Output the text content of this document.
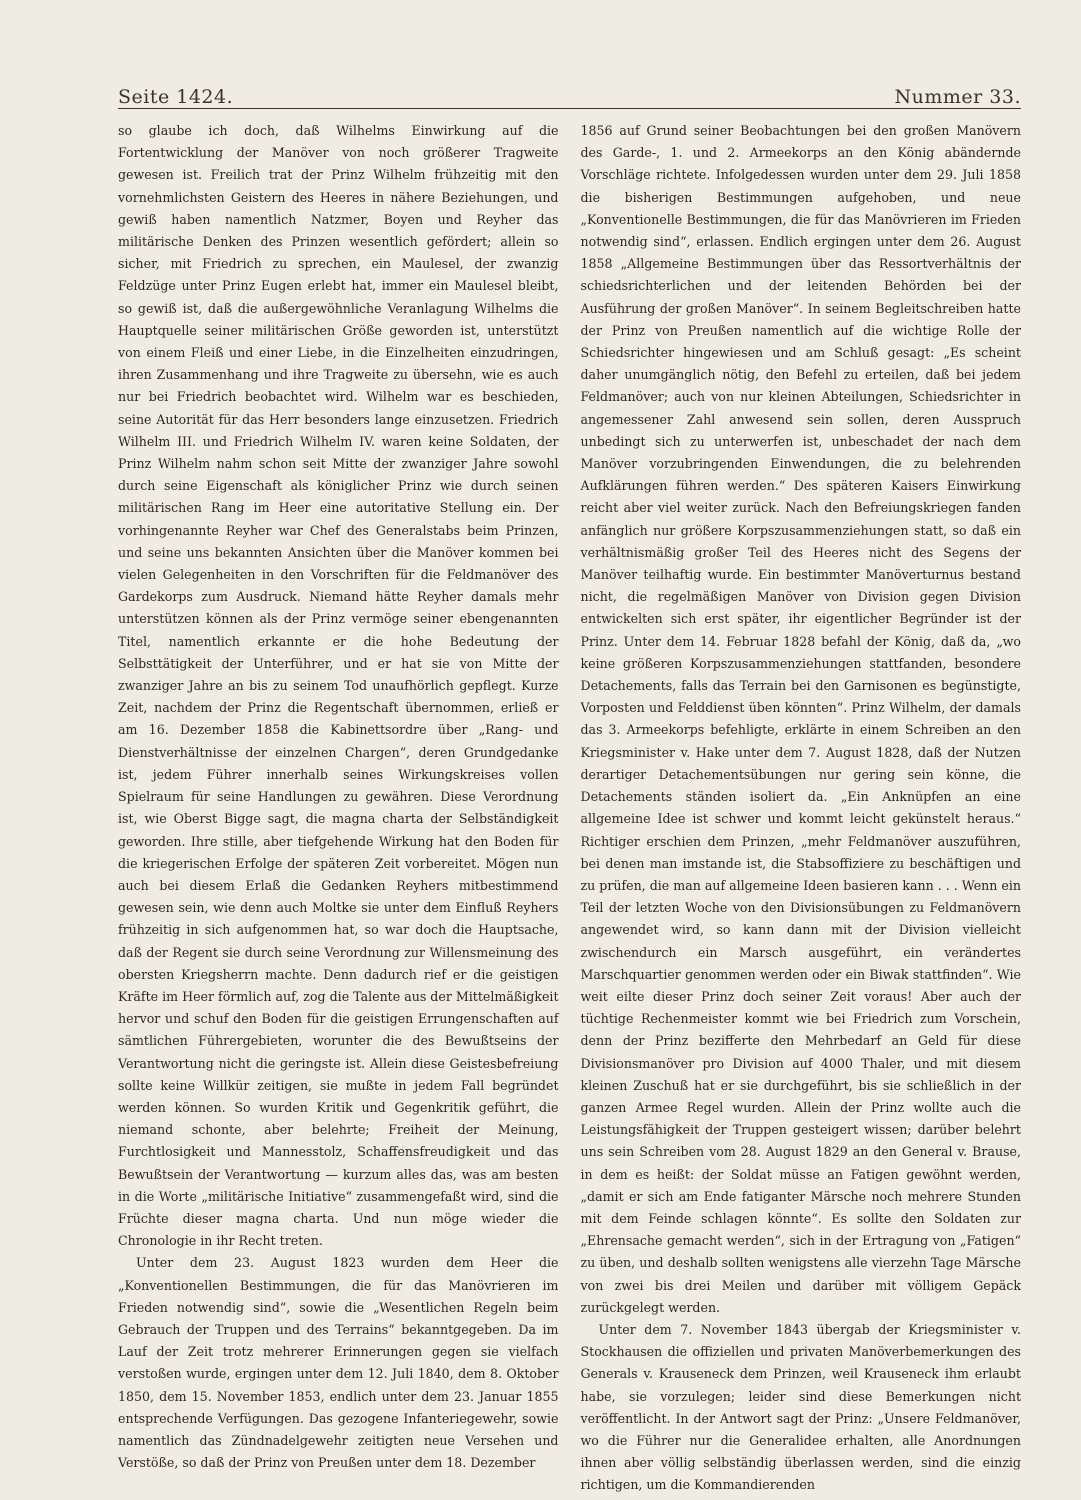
Seite 1424.	Nummer 33.

so glaube ich doch, daß Wilhelms Einwirkung auf die Fortentwicklung der Manöver von noch größerer Tragweite gewesen ist. Freilich trat der Prinz Wilhelm frühzeitig mit den vornehmlichsten Geistern des Heeres in nähere Beziehungen, und gewiß haben namentlich Natzmer, Boyen und Reyher das militärische Denken des Prinzen wesentlich gefördert; allein so sicher, mit Friedrich zu sprechen, ein Maulesel, der zwanzig Feldzüge unter Prinz Eugen erlebt hat, immer ein Maulesel bleibt, so gewiß ist, daß die außergewöhnliche Veranlagung Wilhelms die Hauptquelle seiner militärischen Größe geworden ist, unterstützt von einem Fleiß und einer Liebe, in die Einzelheiten einzudringen, ihren Zusammenhang und ihre Tragweite zu übersehn, wie es auch nur bei Friedrich beobachtet wird. Wilhelm war es beschieden, seine Autorität für das Herr besonders lange einzusetzen. Friedrich Wilhelm III. und Friedrich Wilhelm IV. waren keine Soldaten, der Prinz Wilhelm nahm schon seit Mitte der zwanziger Jahre sowohl durch seine Eigenschaft als königlicher Prinz wie durch seinen militärischen Rang im Heer eine autoritative Stellung ein. Der vorhingenannte Reyher war Chef des Generalstabs beim Prinzen, und seine uns bekannten Ansichten über die Manöver kommen bei vielen Gelegenheiten in den Vorschriften für die Feldmanöver des Gardekorps zum Ausdruck. Niemand hätte Reyher damals mehr unterstützen können als der Prinz vermöge seiner ebengenannten Titel, namentlich erkannte er die hohe Bedeutung der Selbsttätigkeit der Unterführer, und er hat sie von Mitte der zwanziger Jahre an bis zu seinem Tod unaufhörlich gepflegt. Kurze Zeit, nachdem der Prinz die Regentschaft übernommen, erließ er am 16. Dezember 1858 die Kabinettsordre über „Rang- und Dienstverhältnisse der einzelnen Chargen“, deren Grundgedanke ist, jedem Führer innerhalb seines Wirkungskreises vollen Spielraum für seine Handlungen zu gewähren. Diese Verordnung ist, wie Oberst Bigge sagt, die magna charta der Selbständigkeit geworden. Ihre stille, aber tiefgehende Wirkung hat den Boden für die kriegerischen Erfolge der späteren Zeit vorbereitet. Mögen nun auch bei diesem Erlaß die Gedanken Reyhers mitbestimmend gewesen sein, wie denn auch Moltke sie unter dem Einfluß Reyhers frühzeitig in sich aufgenommen hat, so war doch die Hauptsache, daß der Regent sie durch seine Verordnung zur Willensmeinung des obersten Kriegsherrn machte. Denn dadurch rief er die geistigen Kräfte im Heer förmlich auf, zog die Talente aus der Mittelmäßigkeit hervor und schuf den Boden für die geistigen Errungenschaften auf sämtlichen Führergebieten, worunter die des Bewußtseins der Verantwortung nicht die geringste ist. Allein diese Geistesbefreiung sollte keine Willkür zeitigen, sie mußte in jedem Fall begründet werden können. So wurden Kritik und Gegenkritik geführt, die niemand schonte, aber belehrte; Freiheit der Meinung, Furchtlosigkeit und Mannesstolz, Schaffensfreudigkeit und das Bewußtsein der Verantwortung — kurzum alles das, was am besten in die Worte „militärische Initiative“ zusammengefaßt wird, sind die Früchte dieser magna charta. Und nun möge wieder die Chronologie in ihr Recht treten.

Unter dem 23. August 1823 wurden dem Heer die „Konventionellen Bestimmungen, die für das Manövrieren im Frieden notwendig sind“, sowie die „Wesentlichen Regeln beim Gebrauch der Truppen und des Terrains“ bekanntgegeben. Da im Lauf der Zeit trotz mehrerer Erinnerungen gegen sie vielfach verstoßen wurde, ergingen unter dem 12. Juli 1840, dem 8. Oktober 1850, dem 15. November 1853, endlich unter dem 23. Januar 1855 entsprechende Verfügungen. Das gezogene Infanteriegewehr, sowie namentlich das Zündnadelgewehr zeitigten neue Versehen und Verstöße, so daß der Prinz von Preußen unter dem 18. Dezember

1856 auf Grund seiner Beobachtungen bei den großen Manövern des Garde-, 1. und 2. Armeekorps an den König abändernde Vorschläge richtete. Infolgedessen wurden unter dem 29. Juli 1858 die bisherigen Bestimmungen aufgehoben, und neue „Konventionelle Bestimmungen, die für das Manövrieren im Frieden notwendig sind“, erlassen. Endlich ergingen unter dem 26. August 1858 „Allgemeine Bestimmungen über das Ressortverhältnis der schiedsrichterlichen und der leitenden Behörden bei der Ausführung der großen Manöver“. In seinem Begleitschreiben hatte der Prinz von Preußen namentlich auf die wichtige Rolle der Schiedsrichter hingewiesen und am Schluß gesagt: „Es scheint daher unumgänglich nötig, den Befehl zu erteilen, daß bei jedem Feldmanöver; auch von nur kleinen Abteilungen, Schiedsrichter in angemessener Zahl anwesend sein sollen, deren Ausspruch unbedingt sich zu unterwerfen ist, unbeschadet der nach dem Manöver vorzubringenden Einwendungen, die zu belehrenden Aufklärungen führen werden.“ Des späteren Kaisers Einwirkung reicht aber viel weiter zurück. Nach den Befreiungskriegen fanden anfänglich nur größere Korpszusammenziehungen statt, so daß ein verhältnismäßig großer Teil des Heeres nicht des Segens der Manöver teilhaftig wurde. Ein bestimmter Manöverturnus bestand nicht, die regelmäßigen Manöver von Division gegen Division entwickelten sich erst später, ihr eigentlicher Begründer ist der Prinz. Unter dem 14. Februar 1828 befahl der König, daß da, „wo keine größeren Korpszusammenziehungen stattfanden, besondere Detachements, falls das Terrain bei den Garnisonen es begünstigte, Vorposten und Felddienst üben könnten“. Prinz Wilhelm, der damals das 3. Armeekorps befehligte, erklärte in einem Schreiben an den Kriegsminister v. Hake unter dem 7. August 1828, daß der Nutzen derartiger Detachementsübungen nur gering sein könne, die Detachements ständen isoliert da. „Ein Anknüpfen an eine allgemeine Idee ist schwer und kommt leicht gekünstelt heraus.“ Richtiger erschien dem Prinzen, „mehr Feldmanöver auszuführen, bei denen man imstande ist, die Stabsoffiziere zu beschäftigen und zu prüfen, die man auf allgemeine Ideen basieren kann . . . Wenn ein Teil der letzten Woche von den Divisionsübungen zu Feldmanövern angewendet wird, so kann dann mit der Division vielleicht zwischendurch ein Marsch ausgeführt, ein verändertes Marschquartier genommen werden oder ein Biwak stattfinden“. Wie weit eilte dieser Prinz doch seiner Zeit voraus! Aber auch der tüchtige Rechenmeister kommt wie bei Friedrich zum Vorschein, denn der Prinz bezifferte den Mehrbedarf an Geld für diese Divisionsmanöver pro Division auf 4000 Thaler, und mit diesem kleinen Zuschuß hat er sie durchgeführt, bis sie schließlich in der ganzen Armee Regel wurden. Allein der Prinz wollte auch die Leistungsfähigkeit der Truppen gesteigert wissen; darüber belehrt uns sein Schreiben vom 28. August 1829 an den General v. Brause, in dem es heißt: der Soldat müsse an Fatigen gewöhnt werden, „damit er sich am Ende fatiganter Märsche noch mehrere Stunden mit dem Feinde schlagen könnte“. Es sollte den Soldaten zur „Ehrensache gemacht werden“, sich in der Ertragung von „Fatigen“ zu üben, und deshalb sollten wenigstens alle vierzehn Tage Märsche von zwei bis drei Meilen und darüber mit völligem Gepäck zurückgelegt werden.

Unter dem 7. November 1843 übergab der Kriegsminister v. Stockhausen die offiziellen und privaten Manöverbemerkungen des Generals v. Krauseneck dem Prinzen, weil Krauseneck ihm erlaubt habe, sie vorzulegen; leider sind diese Bemerkungen nicht veröffentlicht. In der Antwort sagt der Prinz: „Unsere Feldmanöver, wo die Führer nur die Generalidee erhalten, alle Anordnungen ihnen aber völlig selbständig überlassen werden, sind die einzig richtigen, um die Kommandierenden
